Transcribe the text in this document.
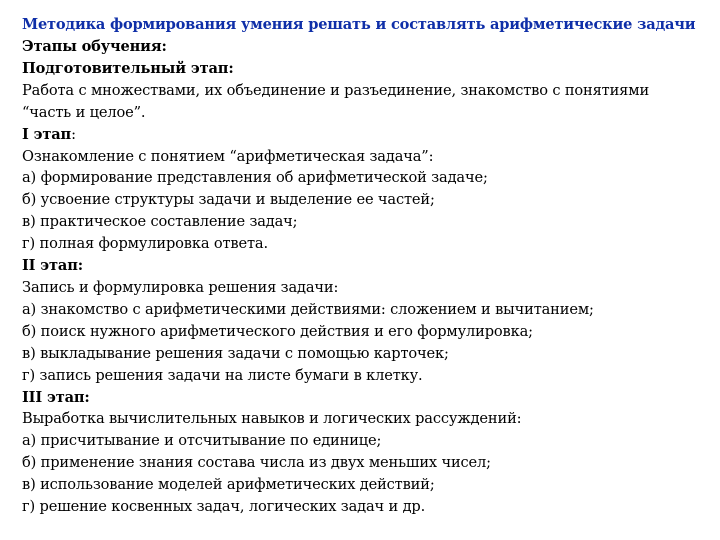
Методика формирования умения решать и составлять арифметические задачи
Этапы обучения:
Подготовительный этап:
Работа с множествами, их объединение и разъединение, знакомство с понятиями
“часть и целое”.
I этап:
Ознакомление с понятием “арифметическая задача”:
а) формирование представления об арифметической задаче;
б) усвоение структуры задачи и выделение ее частей;
в) практическое составление задач;
г) полная формулировка ответа.
II этап:
Запись и формулировка решения задачи:
а) знакомство с арифметическими действиями: сложением и вычитанием;
б) поиск нужного арифметического действия и его формулировка;
в) выкладывание решения задачи с помощью карточек;
г) запись решения задачи на листе бумаги в клетку.
III этап:
Выработка вычислительных навыков и логических рассуждений:
а) присчитывание и отсчитывание по единице;
б) применение знания состава числа из двух меньших чисел;
в) использование моделей арифметических действий;
г) решение косвенных задач, логических задач и др.
